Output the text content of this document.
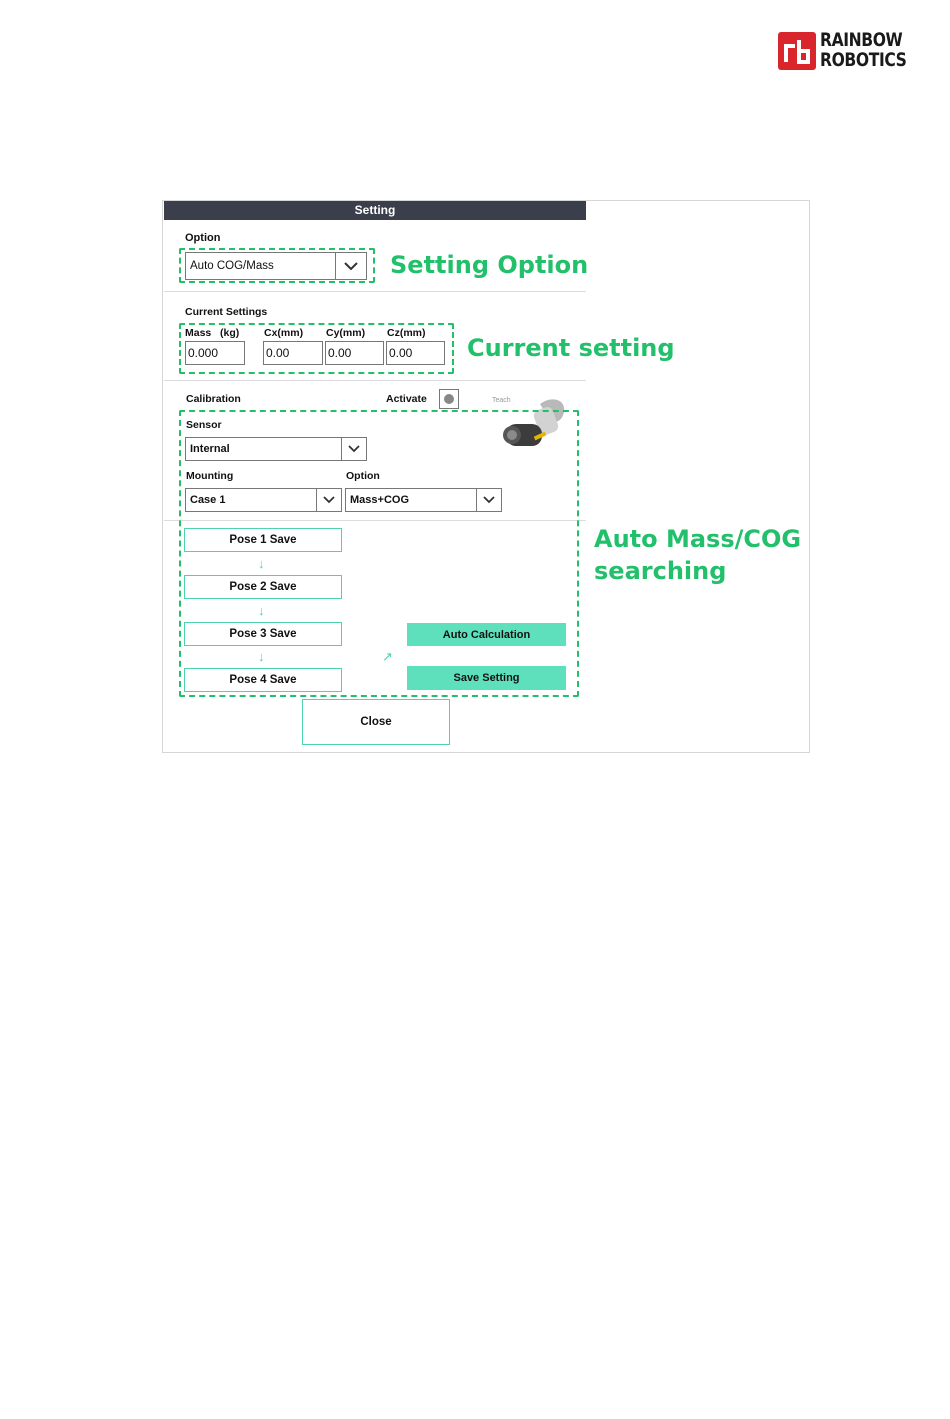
RAINBOW
ROBOTICS
Setting
Option
Auto COG/Mass	Setting Option
Current Settings
Mass   (kg) Cx(mm) Cy(mm) Cz(mm)
0.000	0.00	0.00	0.00	Current setting
Calibration	Activate	Teach
Sensor
Internal
Mounting	Option
Case 1	Mass+COG
Pose 1 Save
↓
Pose 2 Save
↓
Pose 3 Save
↓
Pose 4 Save
↗
Auto Calculation
Save Setting
Auto Mass/COG
searching
Close
